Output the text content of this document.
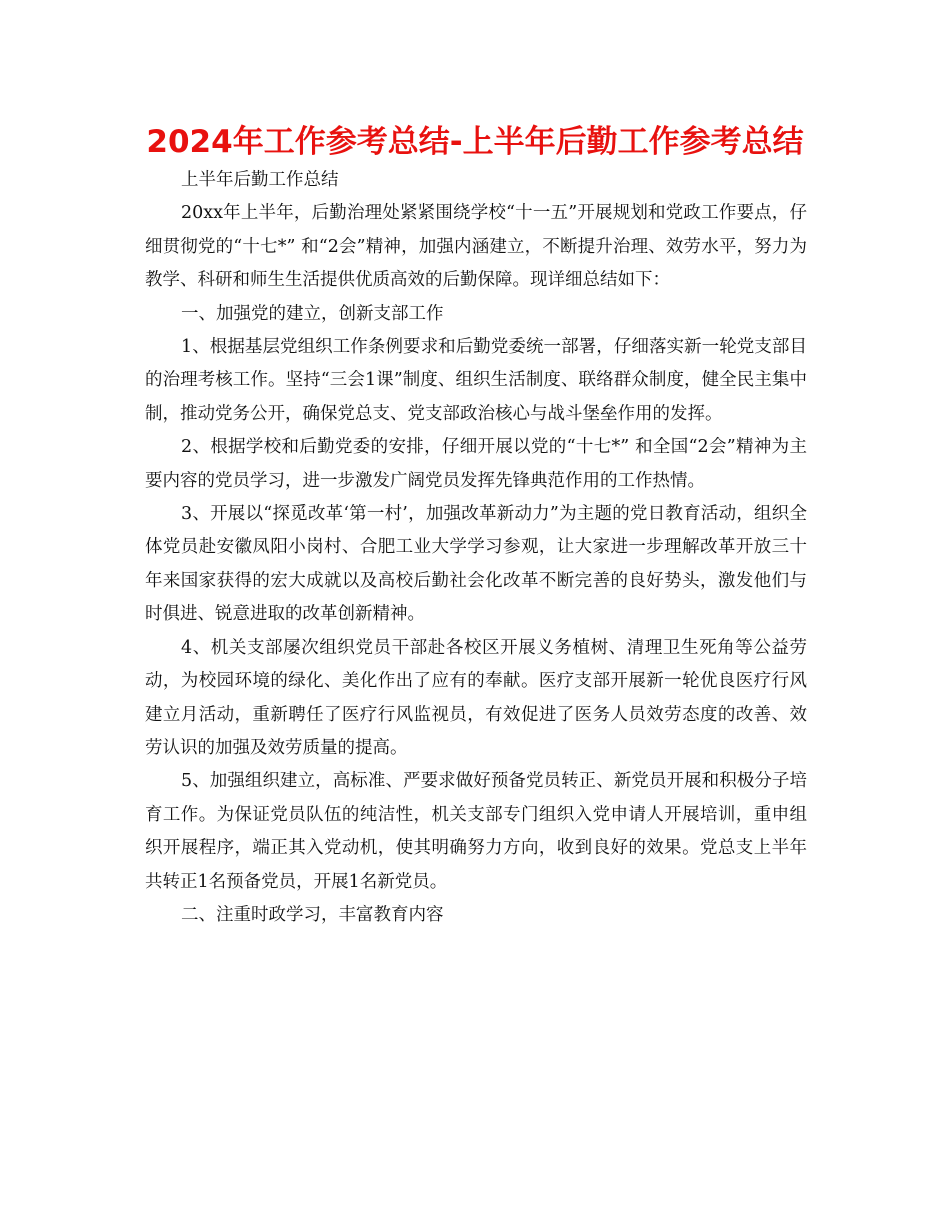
2024年工作参考总结-上半年后勤工作参考总结

上半年后勤工作总结

20xx年上半年，后勤治理处紧紧围绕学校“十一五”开展规划和党政工作要点，仔细贯彻党的“十七*” 和“2会”精神，加强内涵建立，不断提升治理、效劳水平，努力为教学、科研和师生生活提供优质高效的后勤保障。现详细总结如下：

一、加强党的建立，创新支部工作

1、根据基层党组织工作条例要求和后勤党委统一部署，仔细落实新一轮党支部目的治理考核工作。坚持“三会1课”制度、组织生活制度、联络群众制度，健全民主集中制，推动党务公开，确保党总支、党支部政治核心与战斗堡垒作用的发挥。

2、根据学校和后勤党委的安排，仔细开展以党的“十七*” 和全国“2会”精神为主要内容的党员学习，进一步激发广阔党员发挥先锋典范作用的工作热情。

3、开展以“探觅改革‘第一村’，加强改革新动力”为主题的党日教育活动，组织全体党员赴安徽凤阳小岗村、合肥工业大学学习参观，让大家进一步理解改革开放三十年来国家获得的宏大成就以及高校后勤社会化改革不断完善的良好势头，激发他们与时俱进、锐意进取的改革创新精神。

4、机关支部屡次组织党员干部赴各校区开展义务植树、清理卫生死角等公益劳动，为校园环境的绿化、美化作出了应有的奉献。医疗支部开展新一轮优良医疗行风建立月活动，重新聘任了医疗行风监视员，有效促进了医务人员效劳态度的改善、效劳认识的加强及效劳质量的提高。

5、加强组织建立，高标准、严要求做好预备党员转正、新党员开展和积极分子培育工作。为保证党员队伍的纯洁性，机关支部专门组织入党申请人开展培训，重申组织开展程序，端正其入党动机，使其明确努力方向，收到良好的效果。党总支上半年共转正1名预备党员，开展1名新党员。

二、注重时政学习，丰富教育内容
